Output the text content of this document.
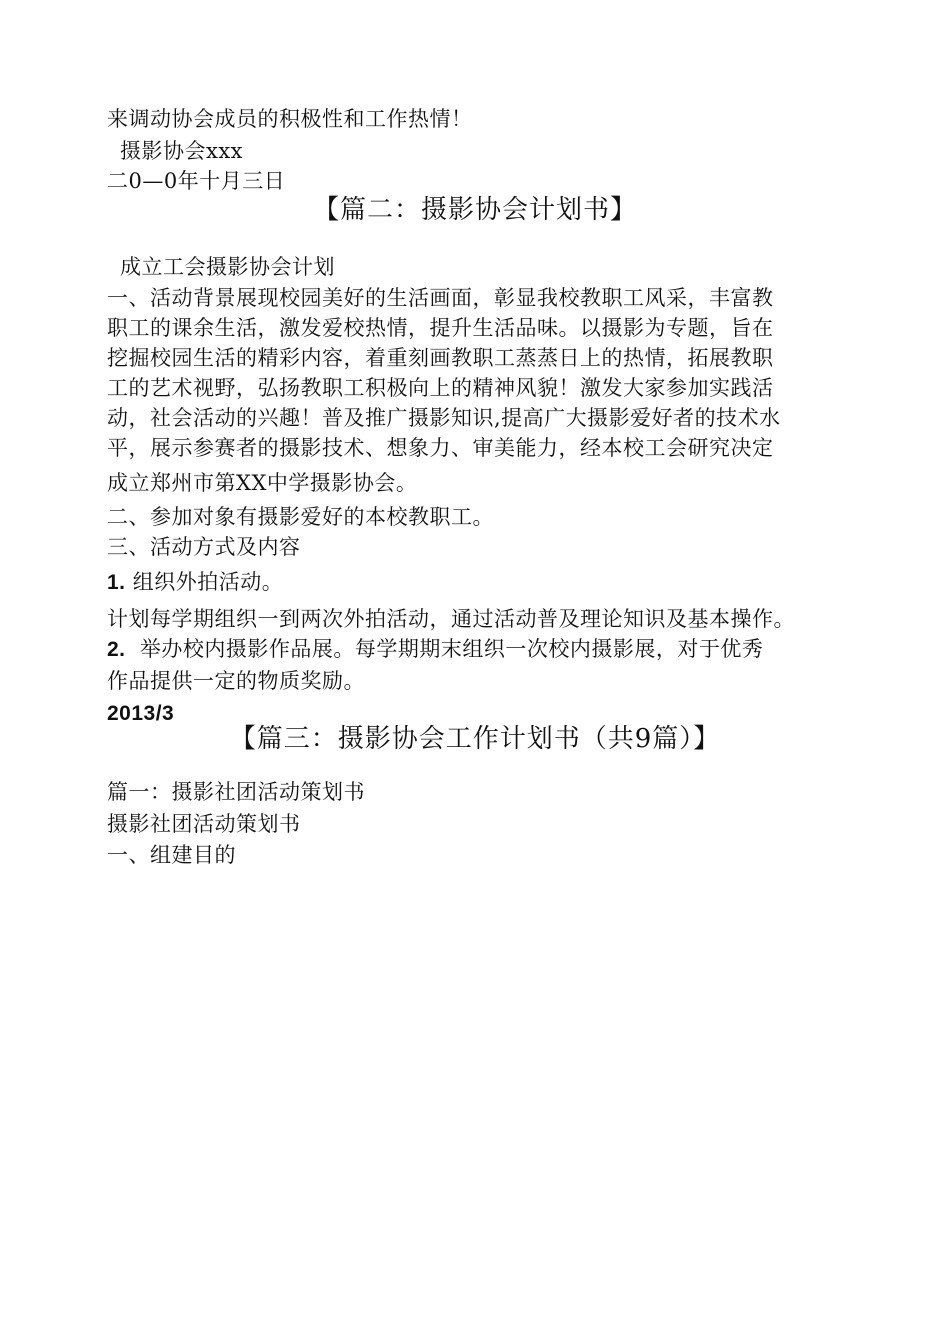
来调动协会成员的积极性和工作热情！
摄影协会xxx
二0—0年十月三日
【篇二：摄影协会计划书】
成立工会摄影协会计划
一、活动背景展现校园美好的生活画面，彰显我校教职工风采，丰富教
职工的课余生活，激发爱校热情，提升生活品味。以摄影为专题，旨在
挖掘校园生活的精彩内容，着重刻画教职工蒸蒸日上的热情，拓展教职
工的艺术视野，弘扬教职工积极向上的精神风貌！激发大家参加实践活
动，社会活动的兴趣！普及推广摄影知识,提高广大摄影爱好者的技术水
平，展示参赛者的摄影技术、想象力、审美能力，经本校工会研究决定
成立郑州市第XX中学摄影协会。
二、参加对象有摄影爱好的本校教职工。
三、活动方式及内容
1. 组织外拍活动。
计划每学期组织一到两次外拍活动，通过活动普及理论知识及基本操作。
2. 举办校内摄影作品展。每学期期末组织一次校内摄影展，对于优秀
作品提供一定的物质奖励。
2013/3
【篇三：摄影协会工作计划书（共9篇）】
篇一：摄影社团活动策划书
摄影社团活动策划书
一、组建目的
